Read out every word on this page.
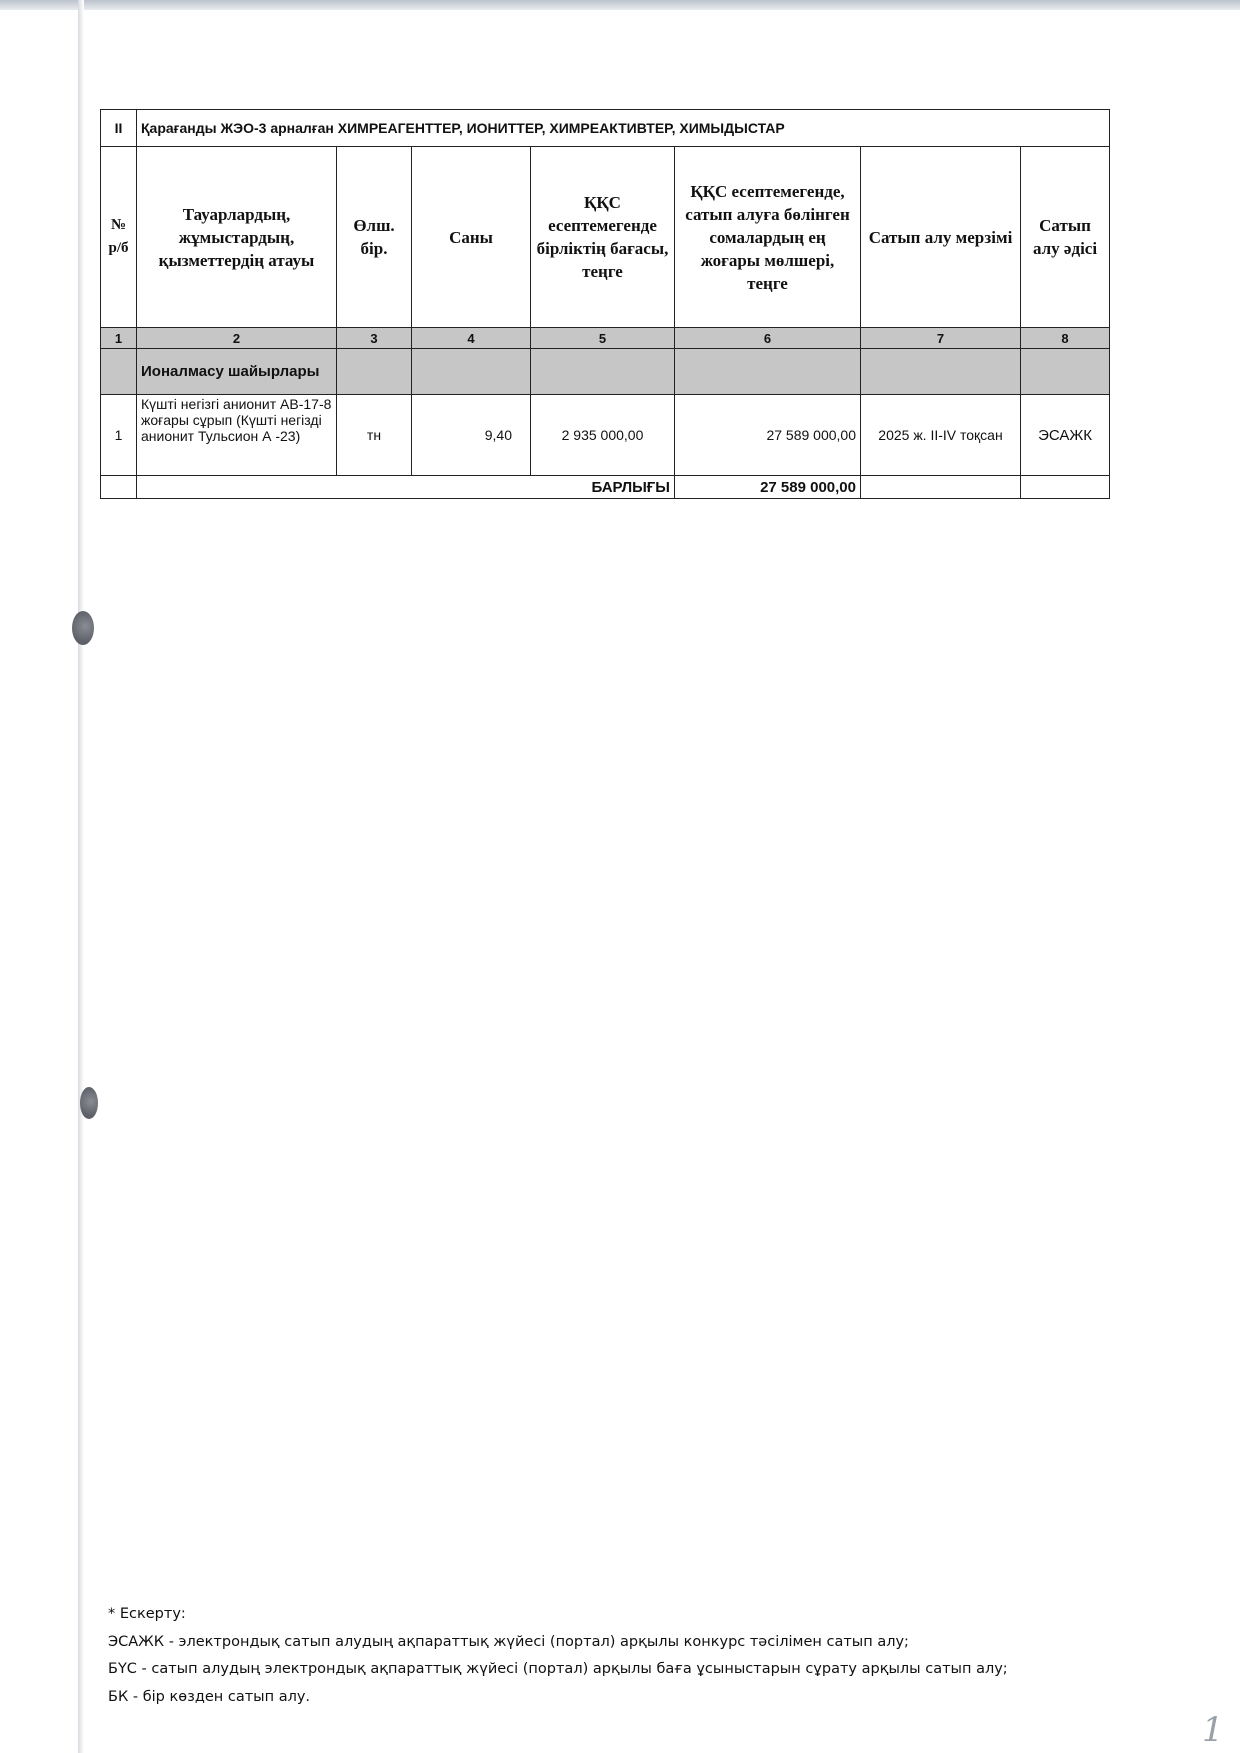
II	Қарағанды ЖЭО-3 арналған ХИМРЕАГЕНТТЕР, ИОНИТТЕР, ХИМРЕАКТИВТЕР, ХИМЫДЫСТАР						
№ р/б	Тауарлардың, жұмыстардың, қызметтердің атауы	Өлш. бір.	Саны	ҚҚС есептемегенде бірліктің бағасы, теңге	ҚҚС есептемегенде, сатып алуға бөлінген сомалардың ең жоғары мөлшері, теңге	Сатып алу мерзімі	Сатып алу әдісі
1	2	3	4	5	6	7	8
	Ионалмасу шайырлары						
1	Күшті негізгі анионит АВ-17-8 жоғары сұрып (Күшті негізді анионит Тульсион А -23)	тн	9,40	2 935 000,00	27 589 000,00	2025 ж. II-IV тоқсан	ЭСАЖК
	БАРЛЫҒЫ				27 589 000,00		
* Ескерту:
ЭСАЖК - электрондық сатып алудың ақпараттық жүйесі (портал) арқылы конкурс тәсілімен сатып алу;
БҮС - сатып алудың электрондық ақпараттық жүйесі (портал) арқылы баға ұсыныстарын сұрату арқылы сатып алу;
БК - бір көзден сатып алу.
1
